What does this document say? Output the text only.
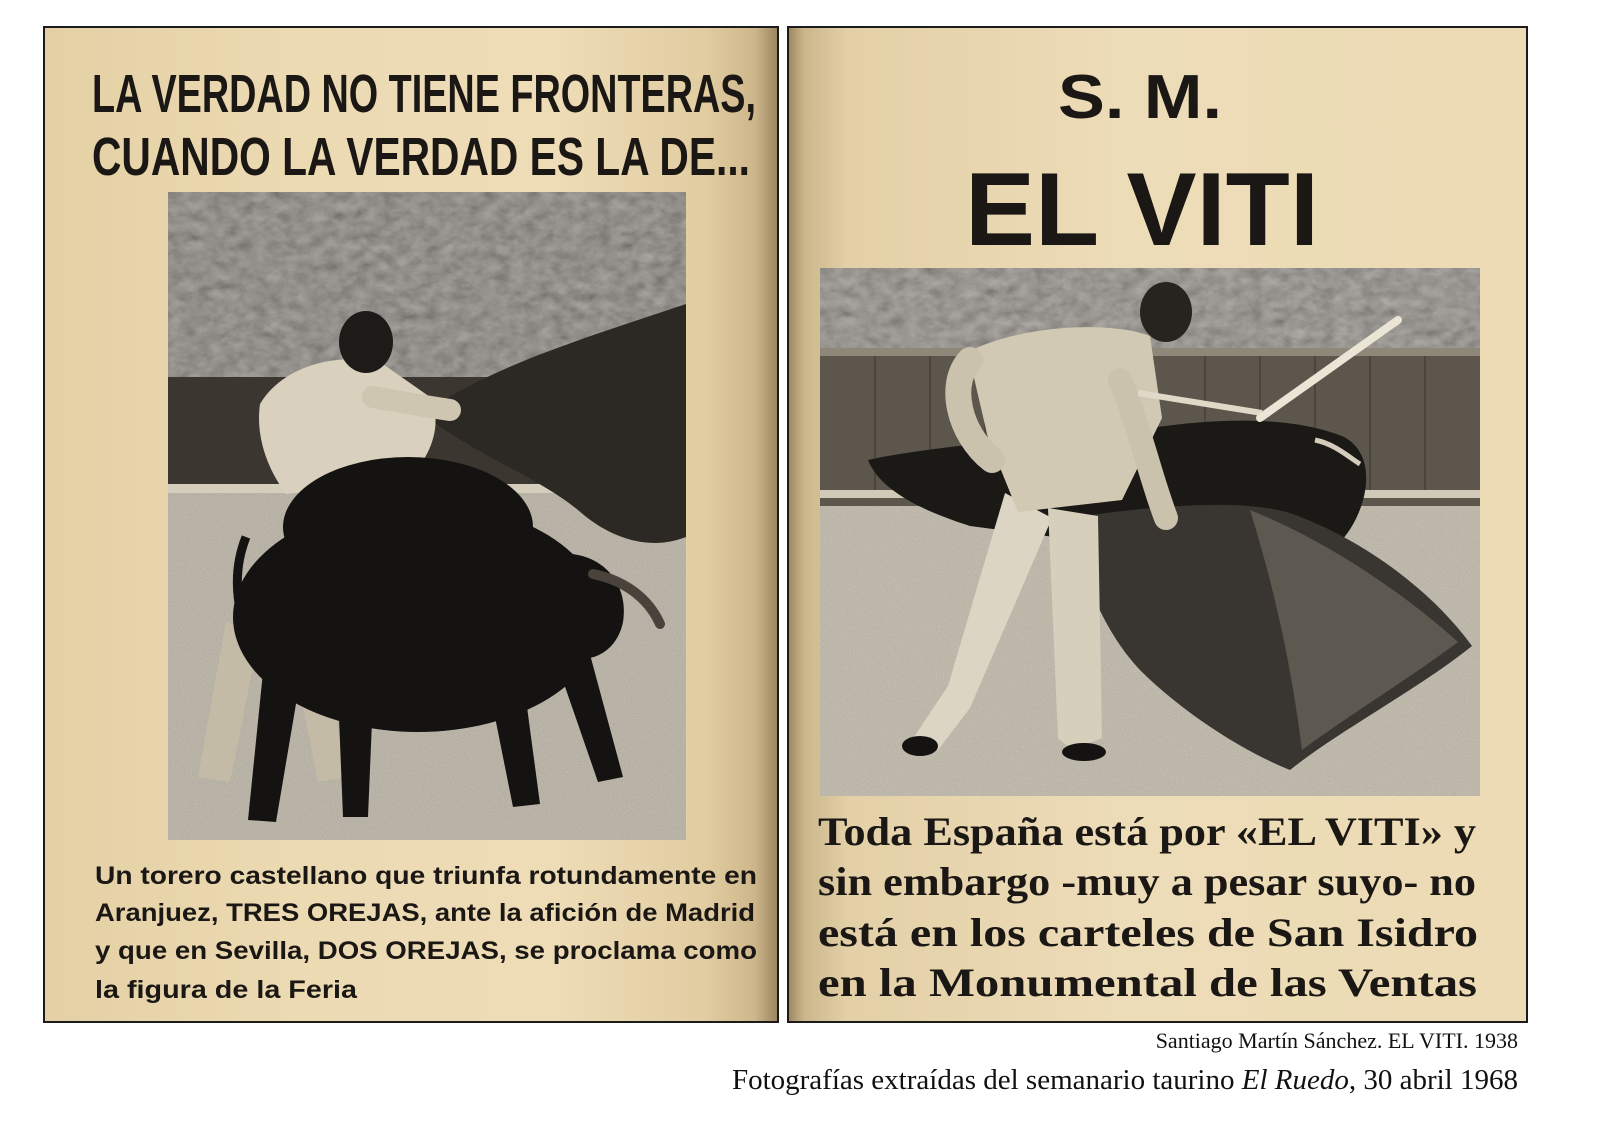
LA VERDAD NO TIENE FRONTERAS,
CUANDO LA VERDAD ES LA DE...
Un torero castellano que triunfa rotundamente en
Aranjuez, TRES OREJAS, ante la afición de Madrid
y que en Sevilla, DOS OREJAS, se proclama como
la figura de la Feria
S. M.
EL VITI
Toda España está por «EL VITI» y
sin embargo -muy a pesar suyo- no
está en los carteles de San Isidro
en la Monumental de las Ventas
Santiago Martín Sánchez. EL VITI. 1938
Fotografías extraídas del semanario taurino El Ruedo, 30 abril 1968
